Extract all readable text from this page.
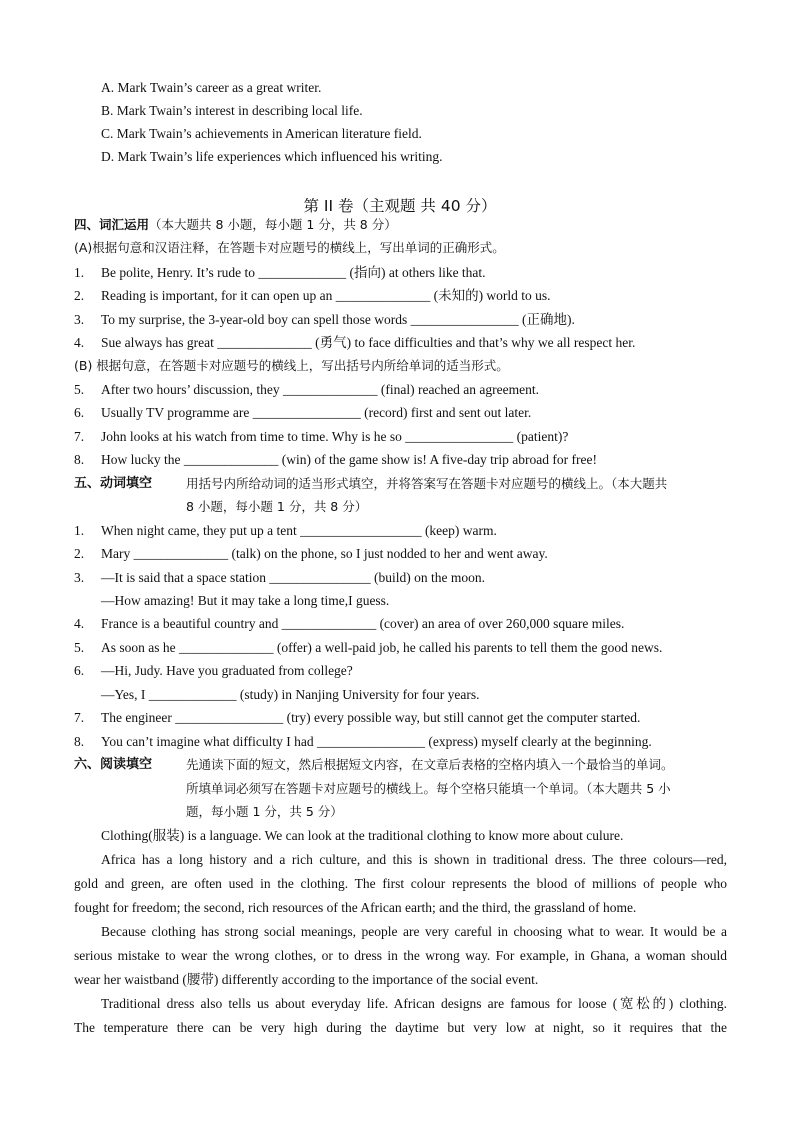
A. Mark Twain’s career as a great writer.
B. Mark Twain’s interest in describing local life.
C. Mark Twain’s achievements in American literature field.
D. Mark Twain’s life experiences which influenced his writing.
第 II 卷（主观题 共 40 分）
四、词汇运用（本大题共 8 小题，每小题 1 分，共 8 分）
(A)根据句意和汉语注释，在答题卡对应题号的横线上，写出单词的正确形式。
1. Be polite, Henry. It’s rude to _____________ (指向) at others like that.
2. Reading is important, for it can open up an ______________ (未知的) world to us.
3. To my surprise, the 3-year-old boy can spell those words ________________ (正确地).
4. Sue always has great ______________ (勇气) to face difficulties and that’s why we all respect her.
(B) 根据句意，在答题卡对应题号的横线上，写出括号内所给单词的适当形式。
5. After two hours’ discussion, they ______________ (final) reached an agreement.
6. Usually TV programme are ________________ (record) first and sent out later.
7. John looks at his watch from time to time. Why is he so ________________ (patient)?
8. How lucky the ______________ (win) of the game show is! A five-day trip abroad for free!
五、动词填空	用括号内所给动词的适当形式填空，并将答案写在答题卡对应题号的横线上。（本大题共
8 小题，每小题 1 分，共 8 分）
1. When night came, they put up a tent __________________ (keep) warm.
2. Mary ______________ (talk) on the phone, so I just nodded to her and went away.
3. —It is said that a space station _______________ (build) on the moon.
—How amazing! But it may take a long time,I guess.
4. France is a beautiful country and ______________ (cover) an area of over 260,000 square miles.
5. As soon as he ______________ (offer) a well-paid job, he called his parents to tell them the good news.
6. —Hi, Judy. Have you graduated from college?
—Yes, I _____________ (study) in Nanjing University for four years.
7. The engineer ________________ (try) every possible way, but still cannot get the computer started.
8. You can’t imagine what difficulty I had ________________ (express) myself clearly at the beginning.
六、阅读填空	先通读下面的短文，然后根据短文内容，在文章后表格的空格内填入一个最恰当的单词。
所填单词必须写在答题卡对应题号的横线上。每个空格只能填一个单词。（本大题共 5 小
题，每小题 1 分，共 5 分）
Clothing(服装) is a language. We can look at the traditional clothing to know more about culure.
Africa has a long history and a rich culture, and this is shown in traditional dress. The three colours—red,
gold and green, are often used in the clothing. The first colour represents the blood of millions of people who
fought for freedom; the second, rich resources of the African earth; and the third, the grassland of home.
Because clothing has strong social meanings, people are very careful in choosing what to wear. It would be a
serious mistake to wear the wrong clothes, or to dress in the wrong way. For example, in Ghana, a woman should
wear her waistband (腰带) differently according to the importance of the social event.
Traditional dress also tells us about everyday life. African designs are famous for loose (宽松的) clothing.
The temperature there can be very high during the daytime but very low at night, so it requires that the
